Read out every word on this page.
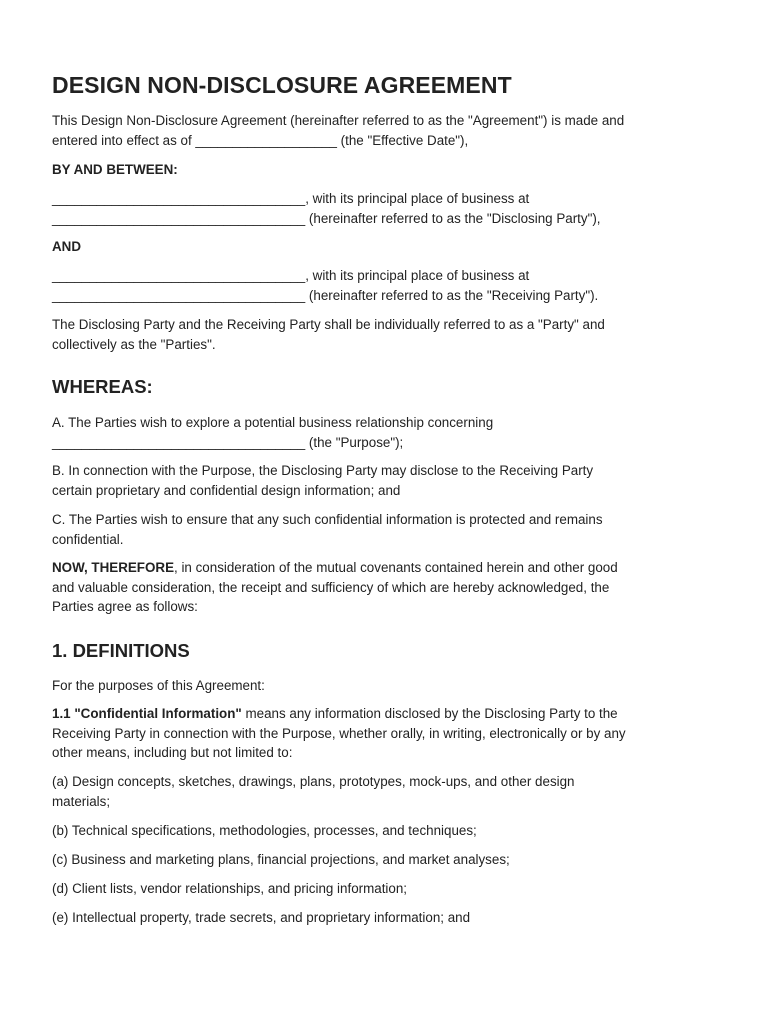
DESIGN NON-DISCLOSURE AGREEMENT

This Design Non-Disclosure Agreement (hereinafter referred to as the "Agreement") is made and
entered into effect as of ___________________ (the "Effective Date"),

BY AND BETWEEN:

__________________________________, with its principal place of business at
__________________________________ (hereinafter referred to as the "Disclosing Party"),

AND

__________________________________, with its principal place of business at
__________________________________ (hereinafter referred to as the "Receiving Party").

The Disclosing Party and the Receiving Party shall be individually referred to as a "Party" and
collectively as the "Parties".

WHEREAS:

A. The Parties wish to explore a potential business relationship concerning
__________________________________ (the "Purpose");

B. In connection with the Purpose, the Disclosing Party may disclose to the Receiving Party
certain proprietary and confidential design information; and

C. The Parties wish to ensure that any such confidential information is protected and remains
confidential.

NOW, THEREFORE, in consideration of the mutual covenants contained herein and other good
and valuable consideration, the receipt and sufficiency of which are hereby acknowledged, the
Parties agree as follows:

1. DEFINITIONS

For the purposes of this Agreement:

1.1 "Confidential Information" means any information disclosed by the Disclosing Party to the
Receiving Party in connection with the Purpose, whether orally, in writing, electronically or by any
other means, including but not limited to:

(a) Design concepts, sketches, drawings, plans, prototypes, mock-ups, and other design
materials;

(b) Technical specifications, methodologies, processes, and techniques;

(c) Business and marketing plans, financial projections, and market analyses;

(d) Client lists, vendor relationships, and pricing information;

(e) Intellectual property, trade secrets, and proprietary information; and
